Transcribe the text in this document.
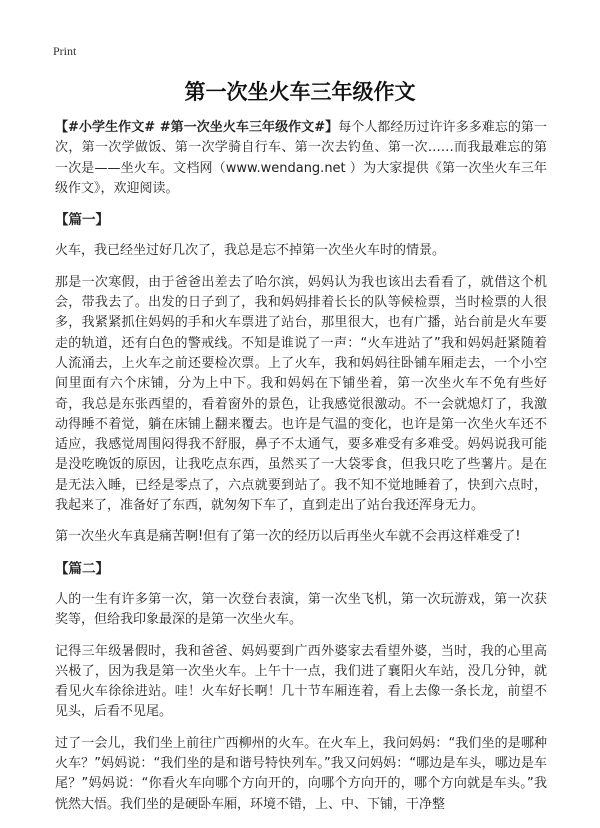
Print
第一次坐火车三年级作文

【#小学生作文# #第一次坐火车三年级作文#】每个人都经历过许许多多难忘的第一次，第一次学做饭、第一次学骑自行车、第一次去钓鱼、第一次……而我最难忘的第一次是——坐火车。文档网（www.wendang.net ）为大家提供《第一次坐火车三年级作文》，欢迎阅读。

【篇一】

火车，我已经坐过好几次了，我总是忘不掉第一次坐火车时的情景。

那是一次寒假，由于爸爸出差去了哈尔滨，妈妈认为我也该出去看看了，就借这个机会，带我去了。出发的日子到了，我和妈妈排着长长的队等候检票，当时检票的人很多，我紧紧抓住妈妈的手和火车票进了站台，那里很大，也有广播，站台前是火车要走的轨道，还有白色的警戒线。不知是谁说了一声：“火车进站了”我和妈妈赶紧随着人流涌去，上火车之前还要检次票。上了火车，我和妈妈往卧铺车厢走去，一个小空间里面有六个床铺，分为上中下。我和妈妈在下铺坐着，第一次坐火车不免有些好奇，我总是东张西望的，看着窗外的景色，让我感觉很激动。不一会就熄灯了，我激动得睡不着觉，躺在床铺上翻来覆去。也许是气温的变化，也许是第一次坐火车还不适应，我感觉周围闷得我不舒服，鼻子不太通气，要多难受有多难受。妈妈说我可能是没吃晚饭的原因，让我吃点东西，虽然买了一大袋零食，但我只吃了些薯片。是在是无法入睡，已经是零点了，六点就要到站了。我不知不觉地睡着了，快到六点时，我起来了，准备好了东西，就匆匆下车了，直到走出了站台我还浑身无力。

第一次坐火车真是痛苦啊!但有了第一次的经历以后再坐火车就不会再这样难受了!

【篇二】

人的一生有许多第一次，第一次登台表演，第一次坐飞机，第一次玩游戏，第一次获奖等，但给我印象最深的是第一次坐火车。

记得三年级暑假时，我和爸爸、妈妈要到广西外婆家去看望外婆，当时，我的心里高兴极了，因为我是第一次坐火车。上午十一点，我们进了襄阳火车站，没几分钟，就看见火车徐徐进站。哇！火车好长啊！几十节车厢连着，看上去像一条长龙，前望不见头，后看不见尾。

过了一会儿，我们坐上前往广西柳州的火车。在火车上，我问妈妈：“我们坐的是哪种火车？”妈妈说：“我们坐的是和谐号特快列车。”我又问妈妈：“哪边是车头，哪边是车尾？”妈妈说：“你看火车向哪个方向开的，向哪个方向开的，哪个方向就是车头。”我恍然大悟。我们坐的是硬卧车厢，环境不错，上、中、下铺，干净整
